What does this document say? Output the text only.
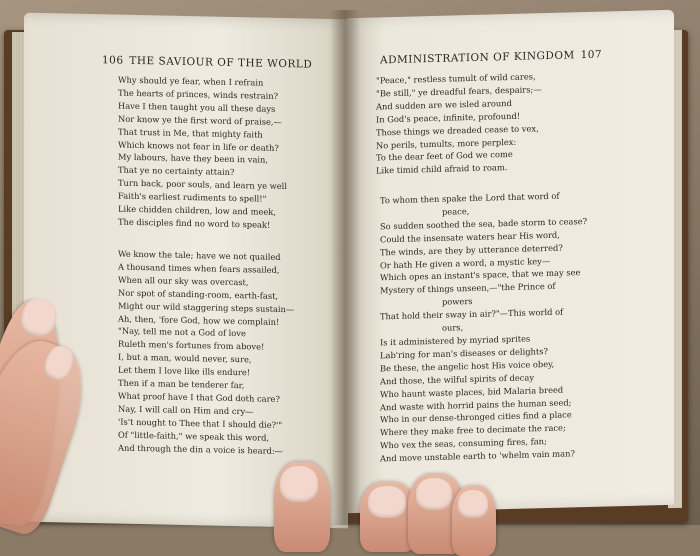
106 THE SAVIOUR OF THE WORLD
Why should ye fear, when I refrain
The hearts of princes, winds restrain?
Have I then taught you all these days
Nor know ye the first word of praise,—
That trust in Me, that mighty faith
Which knows not fear in life or death?
My labours, have they been in vain,
That ye no certainty attain?
Turn back, poor souls, and learn ye well
Faith's earliest rudiments to spell!"
Like chidden children, low and meek,
The disciples find no word to speak!
We know the tale; have we not quailed
A thousand times when fears assailed,
When all our sky was overcast,
Nor spot of standing-room, earth-fast,
Might our wild staggering steps sustain—
Ah, then, 'fore God, how we complain!
"Nay, tell me not a God of love
Ruleth men's fortunes from above!
I, but a man, would never, sure,
Let them I love like ills endure!
Then if a man be tenderer far,
What proof have I that God doth care?
Nay, I will call on Him and cry—
'Is't nought to Thee that I should die?'"
Of "little-faith," we speak this word,
And through the din a voice is heard:—
ADMINISTRATION OF KINGDOM 107
"Peace," restless tumult of wild cares,
"Be still," ye dreadful fears, despairs;—
And sudden are we isled around
In God's peace, infinite, profound!
Those things we dreaded cease to vex,
No perils, tumults, more perplex:
To the dear feet of God we come
Like timid child afraid to roam.
To whom then spake the Lord that word of
peace,
So sudden soothed the sea, bade storm to cease?
Could the insensate waters hear His word,
The winds, are they by utterance deterred?
Or hath He given a word, a mystic key—
Which opes an instant's space, that we may see
Mystery of things unseen,—"the Prince of
powers
That hold their sway in air?"—This world of
ours,
Is it administered by myriad sprites
Lab'ring for man's diseases or delights?
Be these, the angelic host His voice obey,
And those, the wilful spirits of decay
Who haunt waste places, bid Malaria breed
And waste with horrid pains the human seed;
Who in our dense-thronged cities find a place
Where they make free to decimate the race;
Who vex the seas, consuming fires, fan;
And move unstable earth to 'whelm vain man?
